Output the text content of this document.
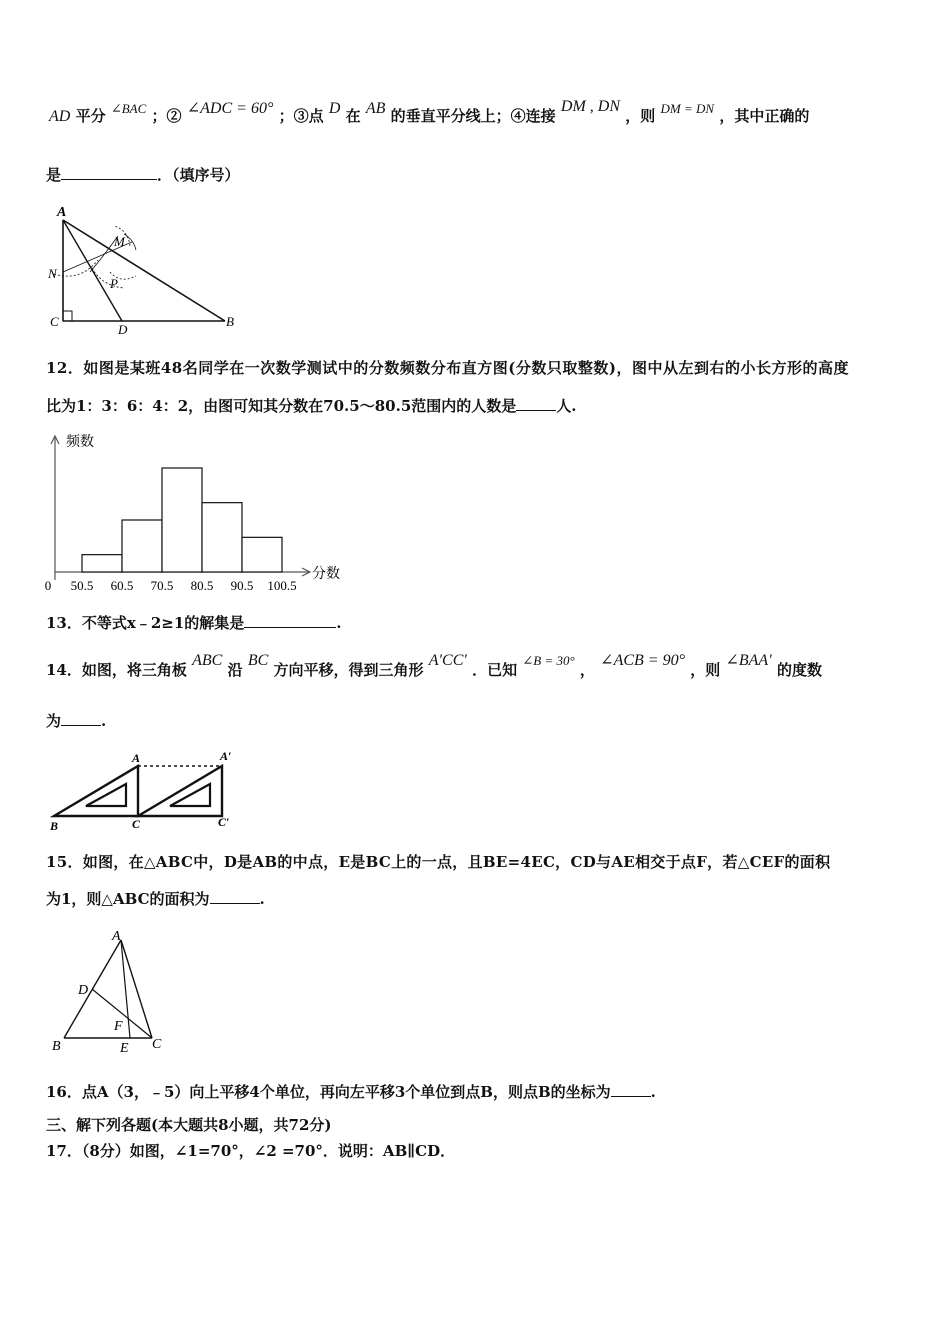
AD 平分 ∠BAC ；② ∠ADC = 60° ；③点 D 在 AB 的垂直平分线上；④连接 DM , DN ，则 DM = DN ，其中正确的
是	．（填序号）
A
M
N
P
C
D
B
12．如图是某班48名同学在一次数学测试中的分数频数分布直方图(分数只取整数)，图中从左到右的小长方形的高度
比为1：3：6：4：2，由图可知其分数在70.5～80.5范围内的人数是	人.
频数
分数
0 50.5 60.5 70.5 80.5 90.5 100.5
13．不等式x﹣2≥1的解集是	.
14．如图，将三角板 ABC 沿 BC 方向平移，得到三角形 A′CC′ ．已知 ∠B = 30° ， ∠ACB = 90° ，则 ∠BAA′ 的度数
为	.
A	A′
B	C	C′
15．如图，在△ABC中，D是AB的中点，E是BC上的一点，且BE=4EC，CD与AE相交于点F，若△CEF的面积
为1，则△ABC的面积为	.
A
D
F
B	E C
16．点A（3，﹣5）向上平移4个单位，再向左平移3个单位到点B，则点B的坐标为	.
三、解下列各题(本大题共8小题，共72分)
17．（8分）如图，∠1=70°，∠2 =70°．说明：AB∥CD．
